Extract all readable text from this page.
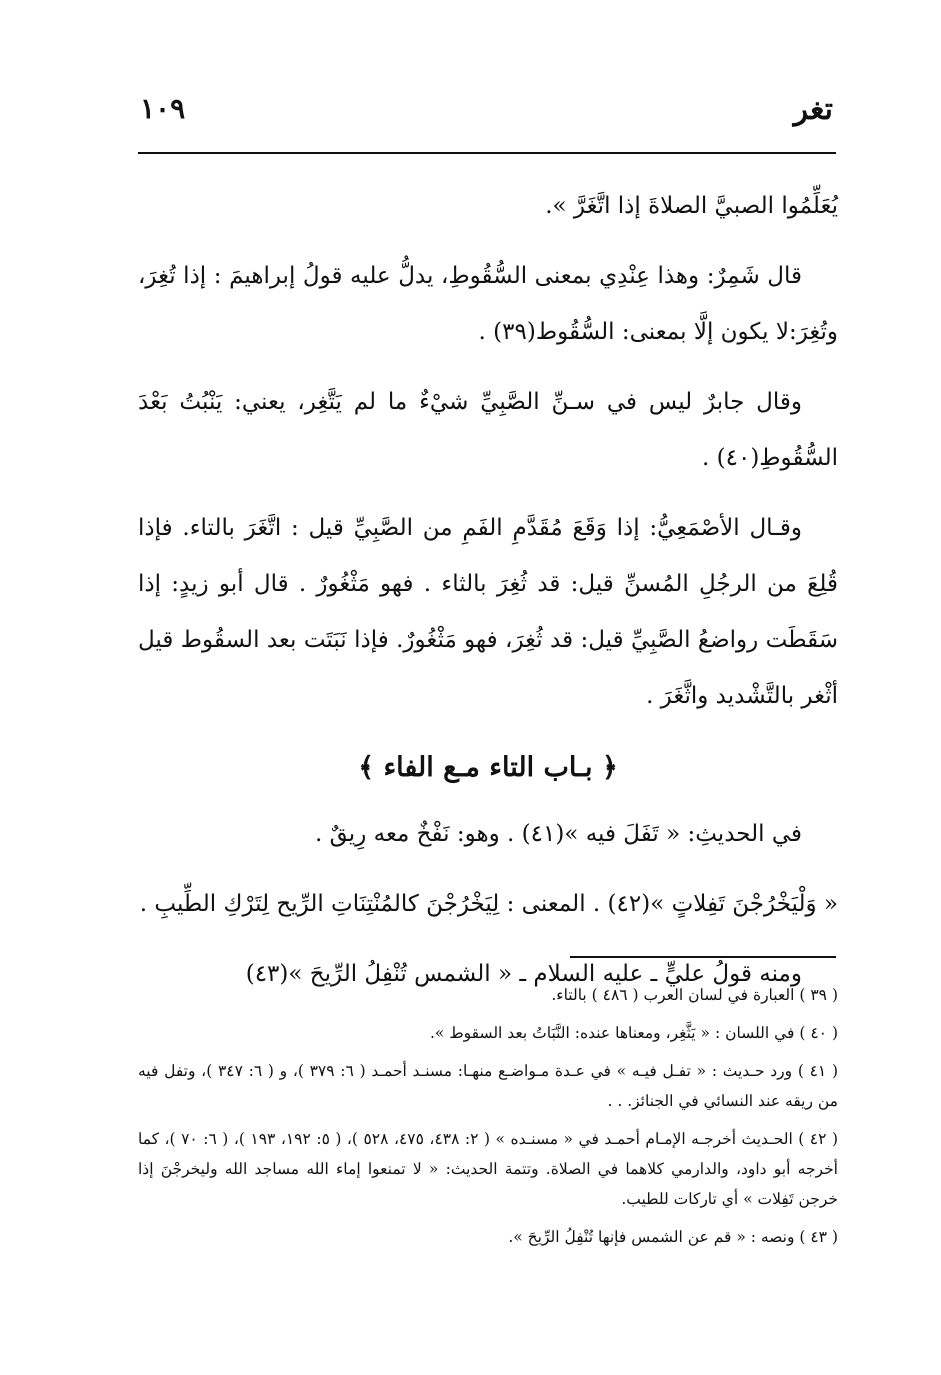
تغر
١٠٩

يُعَلِّمُوا الصبيَّ الصلاةَ إذا اتَّغَرَّ ».

قال شَمِرٌ: وهذا عِنْدِي بمعنى السُّقُوطِ، يدلُّ عليه قولُ إبراهيمَ : إذا تُغِرَ، وتُغِرَ:لا يكون إلَّا بمعنى: السُّقُوط(٣٩) .

وقال جابرٌ ليس في سـنِّ الصَّبِيِّ شيْءٌ ما لم يَتَّغِر، يعني: يَنْبُتُ بَعْدَ السُّقُوطِ(٤٠) .

وقـال الأصْمَعِيُّ: إذا وَقَعَ مُقَدَّمِ الفَمِ من الصَّبِيِّ قيل : اتَّغَرَ بالتاء. فإذا قُلِعَ من الرجُلِ المُسنِّ قيل: قد ثُغِرَ بالثاء . فهو مَثْغُورٌ . قال أبو زيدٍ: إذا سَقَطَت رواضعُ الصَّبِيِّ قيل: قد ثُغِرَ، فهو مَثْغُورٌ. فإذا نَبَتَت بعد السقُوط قيل أثْغر بالتَّشْديد واثَّغَرَ .

﴿ بـاب التاء مـع الفاء ﴾

في الحديثِ: « تَفَلَ فيه »(٤١) . وهو: نَفْخٌ معه رِيقٌ .

« وَلْيَخْرُجْنَ تَفِلاتٍ »(٤٢) . المعنى : لِيَخْرُجْنَ كالمُنْتِنَاتِ الرِّيح لِتَرْكِ الطِّيبِ .

ومنه قولُ عليٍّ ـ عليه السلام ـ « الشمس تُنْفِلُ الرِّيحَ »(٤٣)

( ٣٩ ) العبارة في لسان العرب ( ٤٨٦ ) بالتاء.

( ٤٠ ) في اللسان : « يَثَّغِر، ومعناها عنده: النَّبَاتُ بعد السقوط ».

( ٤١ ) ورد حـديث : « تفـل فيـه » في عـدة مـواضـع منهـا: مسنـد أحمـد ( ٦: ٣٧٩ )، و ( ٦: ٣٤٧ )، وتفل فيه من ريقه عند النسائي في الجنائز. . .

( ٤٢ ) الحـديث أخرجـه الإمـام أحمـد في « مسنـده » ( ٢: ٤٣٨، ٤٧٥، ٥٢٨ )، ( ٥: ١٩٢، ١٩٣ )، ( ٦: ٧٠ )، كما أخرجه أبو داود، والدارمي كلاهما في الصلاة. وتتمة الحديث: « لا تمنعوا إماء الله مساجد الله وليخرجْنَ إذا خرجن تَفِلات » أي تاركات للطيب.

( ٤٣ ) ونصه : « قم عن الشمس فإنها تُنْفِلُ الرِّيحَ ».
